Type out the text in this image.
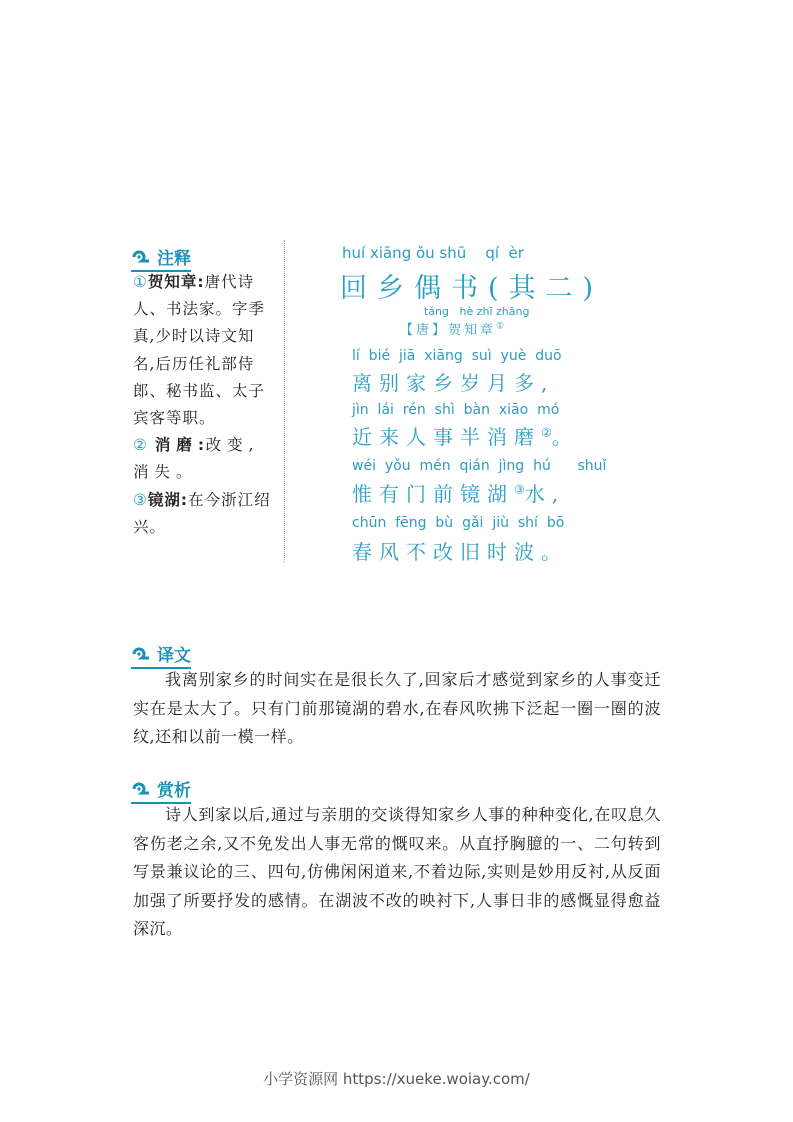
注释

①贺知章:唐代诗人、书法家。字季真,少时以诗文知名,后历任礼部侍郎、秘书监、太子宾客等职。

② 消磨:改变,消失。

③镜湖:在今浙江绍兴。

huí xiāng ǒu shū    qí  èr
回乡偶书(其二)
táng   hè zhī zhāng
【唐】贺知章①
lí  bié  jiā  xiāng  suì  yuè  duō
离别家乡岁月多,
jìn  lái  rén  shì  bàn  xiāo  mó
近来人事半消磨②。
wéi  yǒu  mén  qián  jìng  hú      shuǐ
惟有门前镜湖③水,
chūn  fēng  bù  gǎi  jiù  shí  bō
春风不改旧时波。
译文

我离别家乡的时间实在是很长久了,回家后才感觉到家乡的人事变迁实在是太大了。只有门前那镜湖的碧水,在春风吹拂下泛起一圈一圈的波纹,还和以前一模一样。

赏析

诗人到家以后,通过与亲朋的交谈得知家乡人事的种种变化,在叹息久客伤老之余,又不免发出人事无常的慨叹来。从直抒胸臆的一、二句转到写景兼议论的三、四句,仿佛闲闲道来,不着边际,实则是妙用反衬,从反面加强了所要抒发的感情。在湖波不改的映衬下,人事日非的感慨显得愈益深沉。

小学资源网 https://xueke.woiay.com/
